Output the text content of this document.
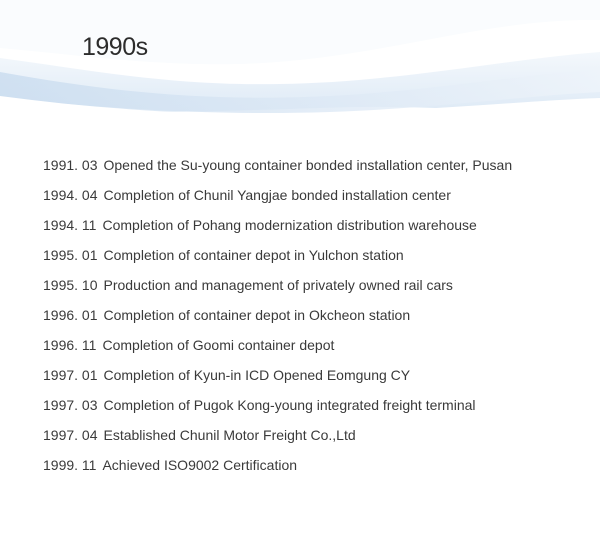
1990s
1991. 03 Opened the Su-young container bonded installation center, Pusan
1994. 04 Completion of Chunil Yangjae bonded installation center
1994. 11 Completion of Pohang modernization distribution warehouse
1995. 01 Completion of container depot in Yulchon station
1995. 10 Production and management of privately owned rail cars
1996. 01 Completion of container depot in Okcheon station
1996. 11 Completion of Goomi container depot
1997. 01 Completion of Kyun-in ICD Opened Eomgung CY
1997. 03 Completion of Pugok Kong-young integrated freight terminal
1997. 04 Established Chunil Motor Freight Co.,Ltd
1999. 11 Achieved ISO9002 Certification
